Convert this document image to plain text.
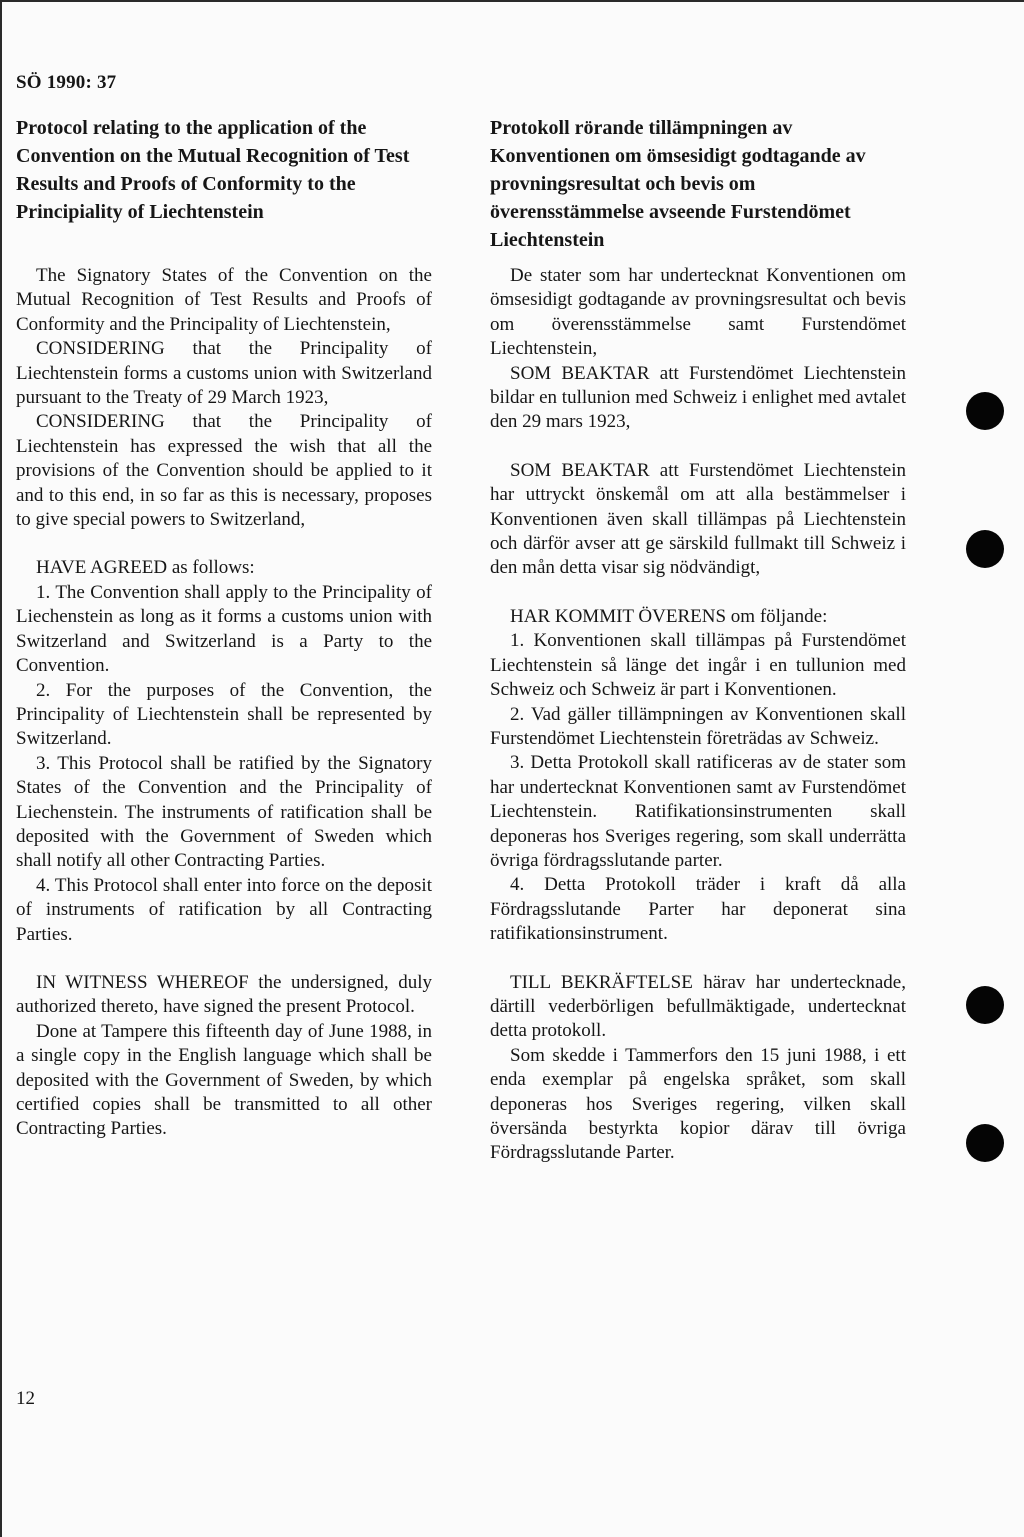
SÖ 1990: 37
Protocol relating to the application of the Convention on the Mutual Recognition of Test Results and Proofs of Conformity to the Principiality of Liechtenstein

The Signatory States of the Convention on the Mutual Recognition of Test Results and Proofs of Conformity and the Principality of Liechtenstein,

CONSIDERING that the Principality of Liechtenstein forms a customs union with Switzerland pursuant to the Treaty of 29 March 1923,

CONSIDERING that the Principality of Liechtenstein has expressed the wish that all the provisions of the Convention should be applied to it and to this end, in so far as this is necessary, proposes to give special powers to Switzerland,

HAVE AGREED as follows:

1. The Convention shall apply to the Principality of Liechenstein as long as it forms a customs union with Switzerland and Switzerland is a Party to the Convention.

2. For the purposes of the Convention, the Principality of Liechtenstein shall be represented by Switzerland.

3. This Protocol shall be ratified by the Signatory States of the Convention and the Principality of Liechenstein. The instruments of ratification shall be deposited with the Government of Sweden which shall notify all other Contracting Parties.

4. This Protocol shall enter into force on the deposit of instruments of ratification by all Contracting Parties.

IN WITNESS WHEREOF the undersigned, duly authorized thereto, have signed the present Protocol.

Done at Tampere this fifteenth day of June 1988, in a single copy in the English language which shall be deposited with the Government of Sweden, by which certified copies shall be transmitted to all other Contracting Parties.

Protokoll rörande tillämpningen av Konventionen om ömsesidigt godtagande av provningsresultat och bevis om överensstämmelse avseende Furstendömet Liechtenstein

De stater som har undertecknat Konventionen om ömsesidigt godtagande av provningsresultat och bevis om överensstämmelse samt Furstendömet Liechtenstein,

SOM BEAKTAR att Furstendömet Liechtenstein bildar en tullunion med Schweiz i enlighet med avtalet den 29 mars 1923,

SOM BEAKTAR att Furstendömet Liechtenstein har uttryckt önskemål om att alla bestämmelser i Konventionen även skall tillämpas på Liechtenstein och därför avser att ge särskild fullmakt till Schweiz i den mån detta visar sig nödvändigt,

HAR KOMMIT ÖVERENS om följande:

1. Konventionen skall tillämpas på Furstendömet Liechtenstein så länge det ingår i en tullunion med Schweiz och Schweiz är part i Konventionen.

2. Vad gäller tillämpningen av Konventionen skall Furstendömet Liechtenstein företrädas av Schweiz.

3. Detta Protokoll skall ratificeras av de stater som har undertecknat Konventionen samt av Furstendömet Liechtenstein. Ratifikationsinstrumenten skall deponeras hos Sveriges regering, som skall underrätta övriga fördragsslutande parter.

4. Detta Protokoll träder i kraft då alla Fördragsslutande Parter har deponerat sina ratifikationsinstrument.

TILL BEKRÄFTELSE härav har undertecknade, därtill vederbörligen befullmäktigade, undertecknat detta protokoll.

Som skedde i Tammerfors den 15 juni 1988, i ett enda exemplar på engelska språket, som skall deponeras hos Sveriges regering, vilken skall översända bestyrkta kopior därav till övriga Fördragsslutande Parter.

12
